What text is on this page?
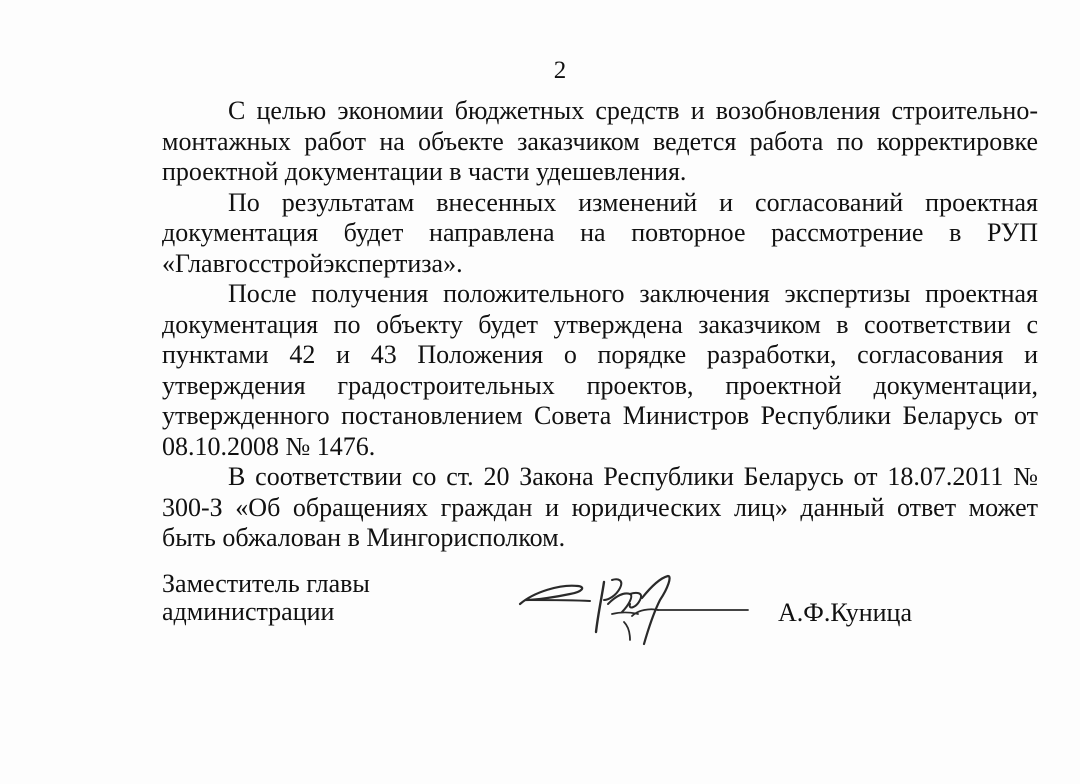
2

С целью экономии бюджетных средств и возобновления строительно-монтажных работ на объекте заказчиком ведется работа по корректировке проектной документации в части удешевления.

По результатам внесенных изменений и согласований проектная документация будет направлена на повторное рассмотрение в РУП «Главгосстройэкспертиза».

После получения положительного заключения экспертизы проектная документация по объекту будет утверждена заказчиком в соответствии с пунктами 42 и 43 Положения о порядке разработки, согласования и утверждения градостроительных проектов, проектной документации, утвержденного постановлением Совета Министров Республики Беларусь от 08.10.2008 № 1476.

В соответствии со ст. 20 Закона Республики Беларусь от 18.07.2011 № 300-З «Об обращениях граждан и юридических лиц» данный ответ может быть обжалован в Мингорисполком.

Заместитель главы
администрации	А.Ф.Куница
